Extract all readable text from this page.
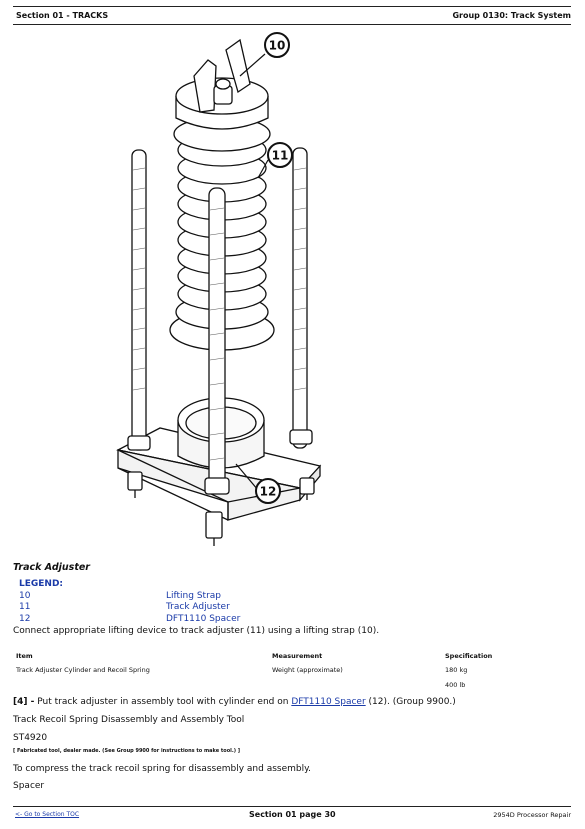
Section 01 - TRACKS	Group 0130: Track System
10
11
12
Track Adjuster
LEGEND:
10	Lifting Strap
11	Track Adjuster
12	DFT1110 Spacer
Connect appropriate lifting device to track adjuster (11) using a lifting strap (10).
Item	Measurement	Specification
Track Adjuster Cylinder and Recoil Spring	Weight (approximate)	180 kg
400 lb
[4] - Put track adjuster in assembly tool with cylinder end on DFT1110 Spacer (12). (Group 9900.)
Track Recoil Spring Disassembly and Assembly Tool
ST4920
[ Fabricated tool, dealer made. (See Group 9900 for instructions to make tool.) ]
To compress the track recoil spring for disassembly and assembly.
Spacer
<- Go to Section TOC	Section 01 page 30	2954D Processor Repair
